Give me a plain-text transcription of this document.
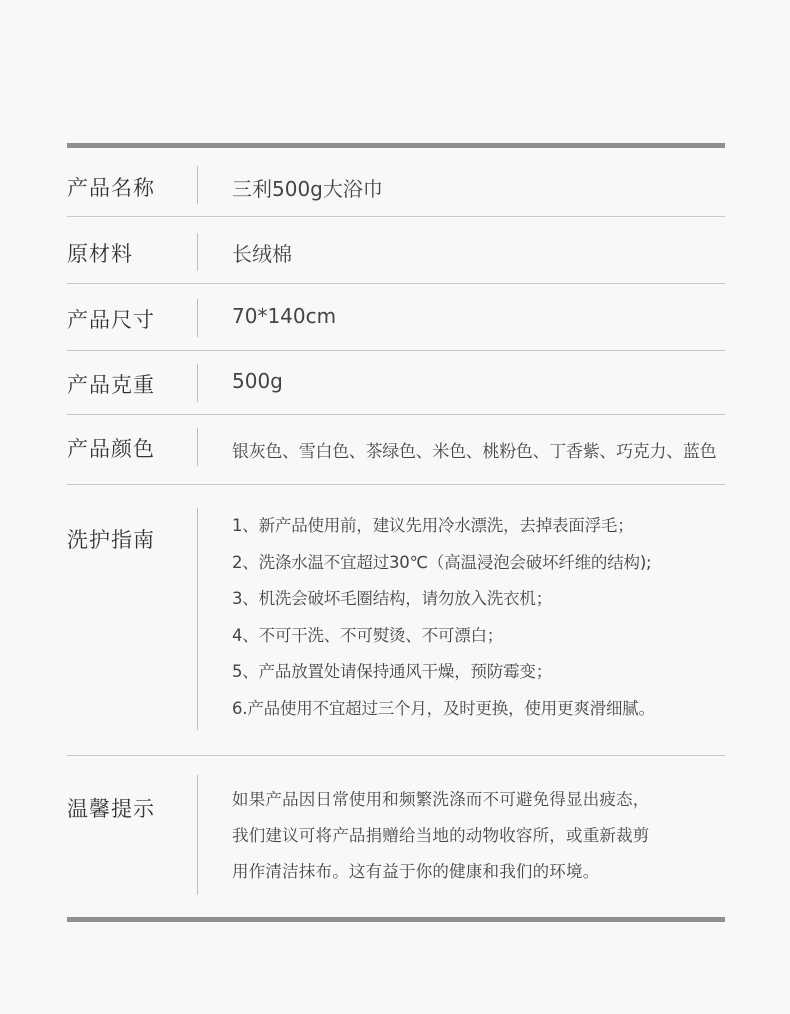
产品名称	三利500g大浴巾
原材料	长绒棉
产品尺寸	70*140cm
产品克重	500g
产品颜色	银灰色、雪白色、茶绿色、米色、桃粉色、丁香紫、巧克力、蓝色
洗护指南
1、新产品使用前，建议先用冷水漂洗，去掉表面浮毛；
2、洗涤水温不宜超过30℃（高温浸泡会破坏纤维的结构);
3、机洗会破坏毛圈结构，请勿放入洗衣机；
4、不可干洗、不可熨烫、不可漂白；
5、产品放置处请保持通风干燥，预防霉变；
6.产品使用不宜超过三个月，及时更换，使用更爽滑细腻。
温馨提示	如果产品因日常使用和频繁洗涤而不可避免得显出疲态，
我们建议可将产品捐赠给当地的动物收容所，或重新裁剪
用作清洁抹布。这有益于你的健康和我们的环境。
